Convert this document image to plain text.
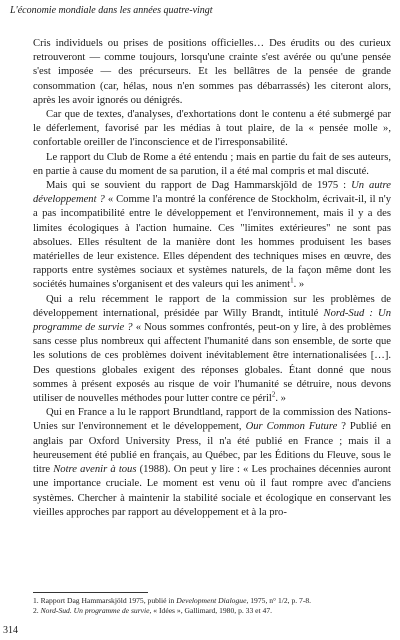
L'économie mondiale dans les années quatre-vingt

Cris individuels ou prises de positions officielles… Des érudits ou des curieux retrouveront — comme toujours, lorsqu'une crainte s'est avérée ou qu'une pensée s'est imposée — des précurseurs. Et les bellâtres de la pensée de grande consommation (car, hélas, nous n'en sommes pas débarrassés) les citeront alors, après les avoir ignorés ou dénigrés.

Car que de textes, d'analyses, d'exhortations dont le contenu a été submergé par le déferlement, favorisé par les médias à tout plaire, de la « pensée molle », confortable oreiller de l'inconscience et de l'irresponsabilité.

Le rapport du Club de Rome a été entendu ; mais en partie du fait de ses auteurs, en partie à cause du moment de sa parution, il a été mal compris et mal discuté.

Mais qui se souvient du rapport de Dag Hammarskjöld de 1975 : Un autre développement ? « Comme l'a montré la conférence de Stockholm, écrivait-il, il n'y a pas incompatibilité entre le développement et l'environnement, mais il y a des limites écologiques à l'action humaine. Ces "limites extérieures" ne sont pas absolues. Elles résultent de la manière dont les hommes produisent les bases matérielles de leur existence. Elles dépendent des techniques mises en œuvre, des rapports entre systèmes sociaux et systèmes naturels, de la façon même dont les sociétés humaines s'organisent et des valeurs qui les animent$^1$. »

Qui a relu récemment le rapport de la commission sur les problèmes de développement international, présidée par Willy Brandt, intitulé Nord-Sud : Un programme de survie ? « Nous sommes confrontés, peut-on y lire, à des problèmes sans cesse plus nombreux qui affectent l'humanité dans son ensemble, de sorte que les solutions de ces problèmes doivent inévitablement être internationalisées […]. Des questions globales exigent des réponses globales. Étant donné que nous sommes à présent exposés au risque de voir l'humanité se détruire, nous devons utiliser de nouvelles méthodes pour lutter contre ce péril$^2$. »

Qui en France a lu le rapport Brundtland, rapport de la commission des Nations-Unies sur l'environnement et le développement, Our Common Future ? Publié en anglais par Oxford University Press, il n'a été publié en France ; mais il a heureusement été publié en français, au Québec, par les Éditions du Fleuve, sous le titre Notre avenir à tous (1988). On peut y lire : « Les prochaines décennies auront une importance cruciale. Le moment est venu où il faut rompre avec d'anciens systèmes. Chercher à maintenir la stabilité sociale et écologique en conservant les vieilles approches par rapport au développement et à la pro-

1. Rapport Dag Hammarskjöld 1975, publié in Development Dialogue, 1975, n° 1/2, p. 7-8.
2. Nord-Sud. Un programme de survie, « Idées », Gallimard, 1980, p. 33 et 47.
314
